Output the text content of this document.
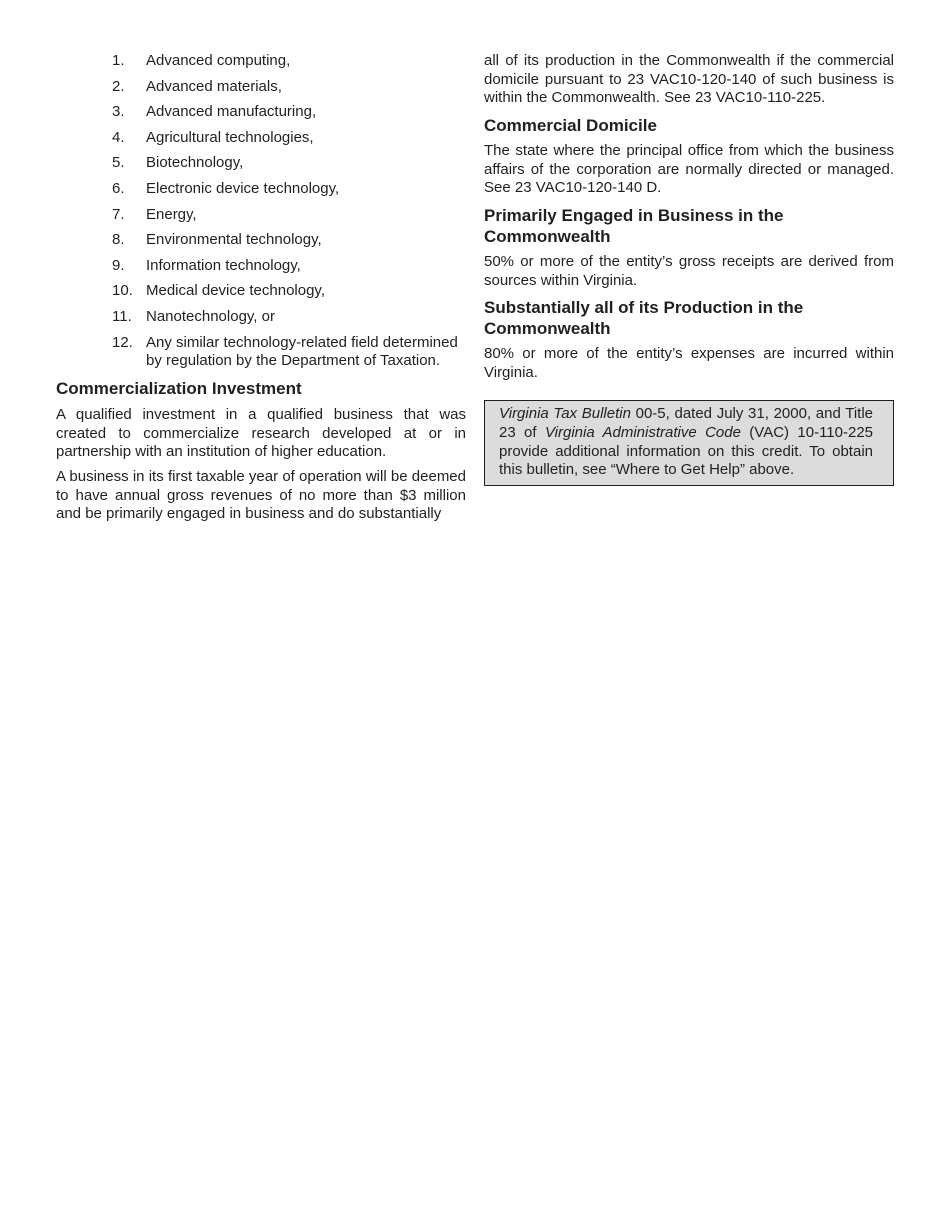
1. Advanced computing,
2. Advanced materials,
3. Advanced manufacturing,
4. Agricultural technologies,
5. Biotechnology,
6. Electronic device technology,
7. Energy,
8. Environmental technology,
9. Information technology,
10. Medical device technology,
11. Nanotechnology, or
12. Any similar technology-related field determined by regulation by the Department of Taxation.
Commercialization Investment

A qualified investment in a qualified business that was created to commercialize research developed at or in partnership with an institution of higher education.

A business in its first taxable year of operation will be deemed to have annual gross revenues of no more than $3 million and be primarily engaged in business and do substantially

all of its production in the Commonwealth if the commercial domicile pursuant to 23 VAC10-120-140 of such business is within the Commonwealth. See 23 VAC10-110-225.

Commercial Domicile

The state where the principal office from which the business affairs of the corporation are normally directed or managed. See 23 VAC10-120-140 D.

Primarily Engaged in Business in the Commonwealth

50% or more of the entity’s gross receipts are derived from sources within Virginia.

Substantially all of its Production in the Commonwealth

80% or more of the entity’s expenses are incurred within Virginia.

Virginia Tax Bulletin 00-5, dated July 31, 2000, and Title 23 of Virginia Administrative Code (VAC) 10-110-225 provide additional information on this credit. To obtain this bulletin, see “Where to Get Help” above.
